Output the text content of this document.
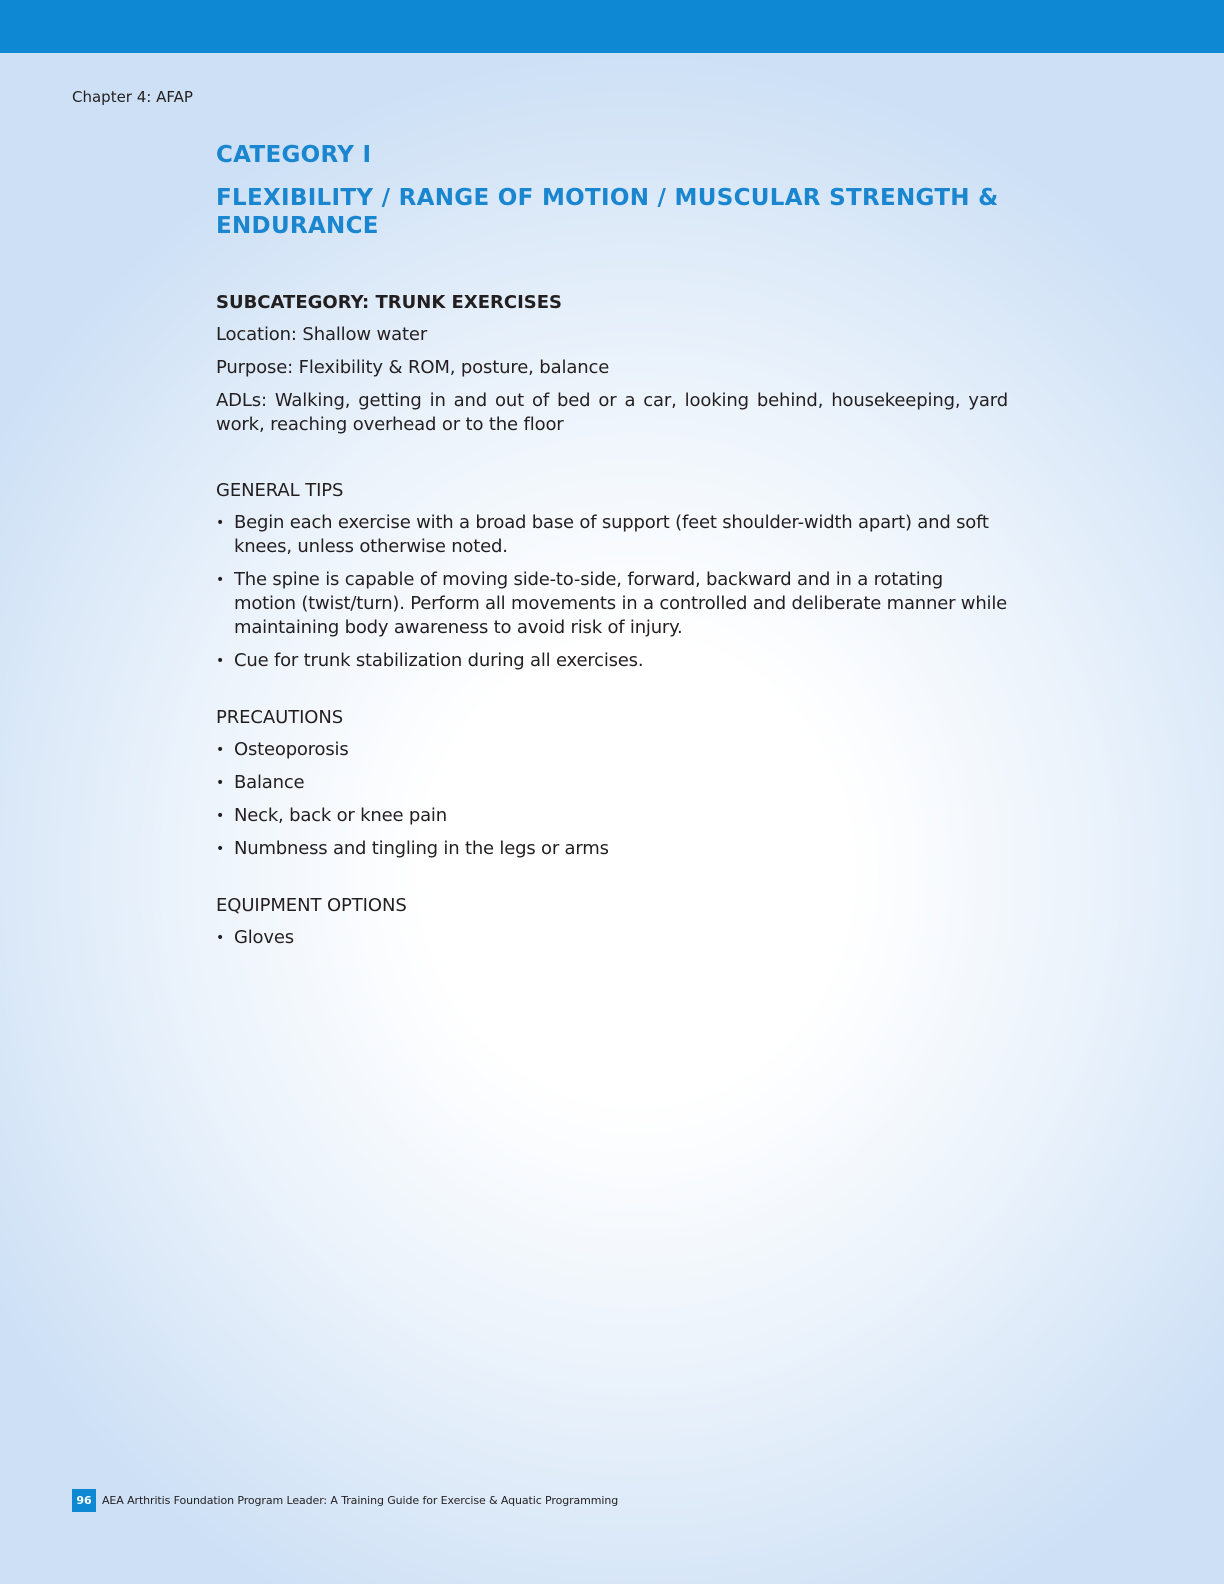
Chapter 4: AFAP
CATEGORY I
FLEXIBILITY / RANGE OF MOTION / MUSCULAR STRENGTH & ENDURANCE
SUBCATEGORY: TRUNK EXERCISES

Location: Shallow water

Purpose: Flexibility & ROM, posture, balance

ADLs: Walking, getting in and out of bed or a car, looking behind, housekeeping, yard work, reaching overhead or to the floor

GENERAL TIPS
• Begin each exercise with a broad base of support (feet shoulder-width apart) and soft knees, unless otherwise noted.
• The spine is capable of moving side-to-side, forward, backward and in a rotating motion (twist/turn). Perform all movements in a controlled and deliberate manner while maintaining body awareness to avoid risk of injury.
• Cue for trunk stabilization during all exercises.
PRECAUTIONS
• Osteoporosis
• Balance
• Neck, back or knee pain
• Numbness and tingling in the legs or arms
EQUIPMENT OPTIONS
• Gloves
96 AEA Arthritis Foundation Program Leader: A Training Guide for Exercise & Aquatic Programming
